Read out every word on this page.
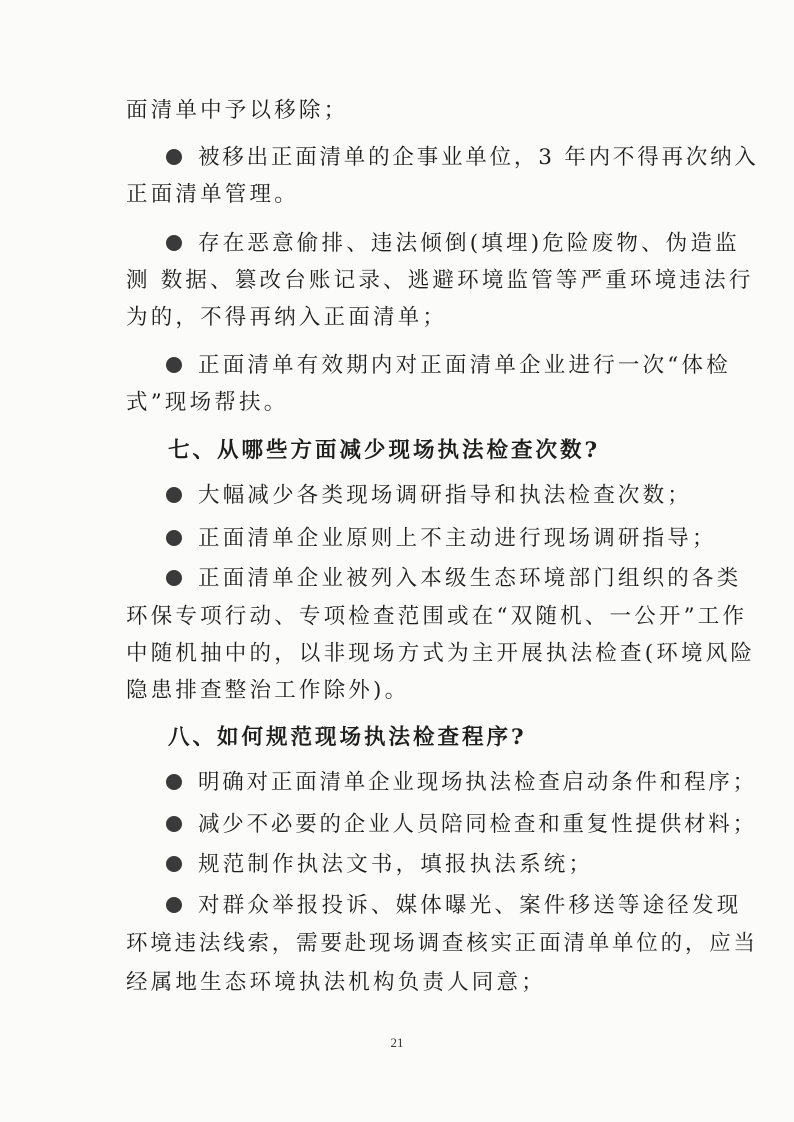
面清单中予以移除；
被移出正面清单的企事业单位，3 年内不得再次纳入
正面清单管理。
存在恶意偷排、违法倾倒(填埋)危险废物、伪造监
测 数据、篡改台账记录、逃避环境监管等严重环境违法行
为的，不得再纳入正面清单；
正面清单有效期内对正面清单企业进行一次“体检
式”现场帮扶。
七、从哪些方面减少现场执法检查次数?
大幅减少各类现场调研指导和执法检查次数；
正面清单企业原则上不主动进行现场调研指导；
正面清单企业被列入本级生态环境部门组织的各类
环保专项行动、专项检查范围或在“双随机、一公开”工作
中随机抽中的，以非现场方式为主开展执法检查(环境风险
隐患排查整治工作除外)。
八、如何规范现场执法检查程序?
明确对正面清单企业现场执法检查启动条件和程序；
减少不必要的企业人员陪同检查和重复性提供材料；
规范制作执法文书，填报执法系统；
对群众举报投诉、媒体曝光、案件移送等途径发现
环境违法线索，需要赴现场调查核实正面清单单位的，应当
经属地生态环境执法机构负责人同意；
21
